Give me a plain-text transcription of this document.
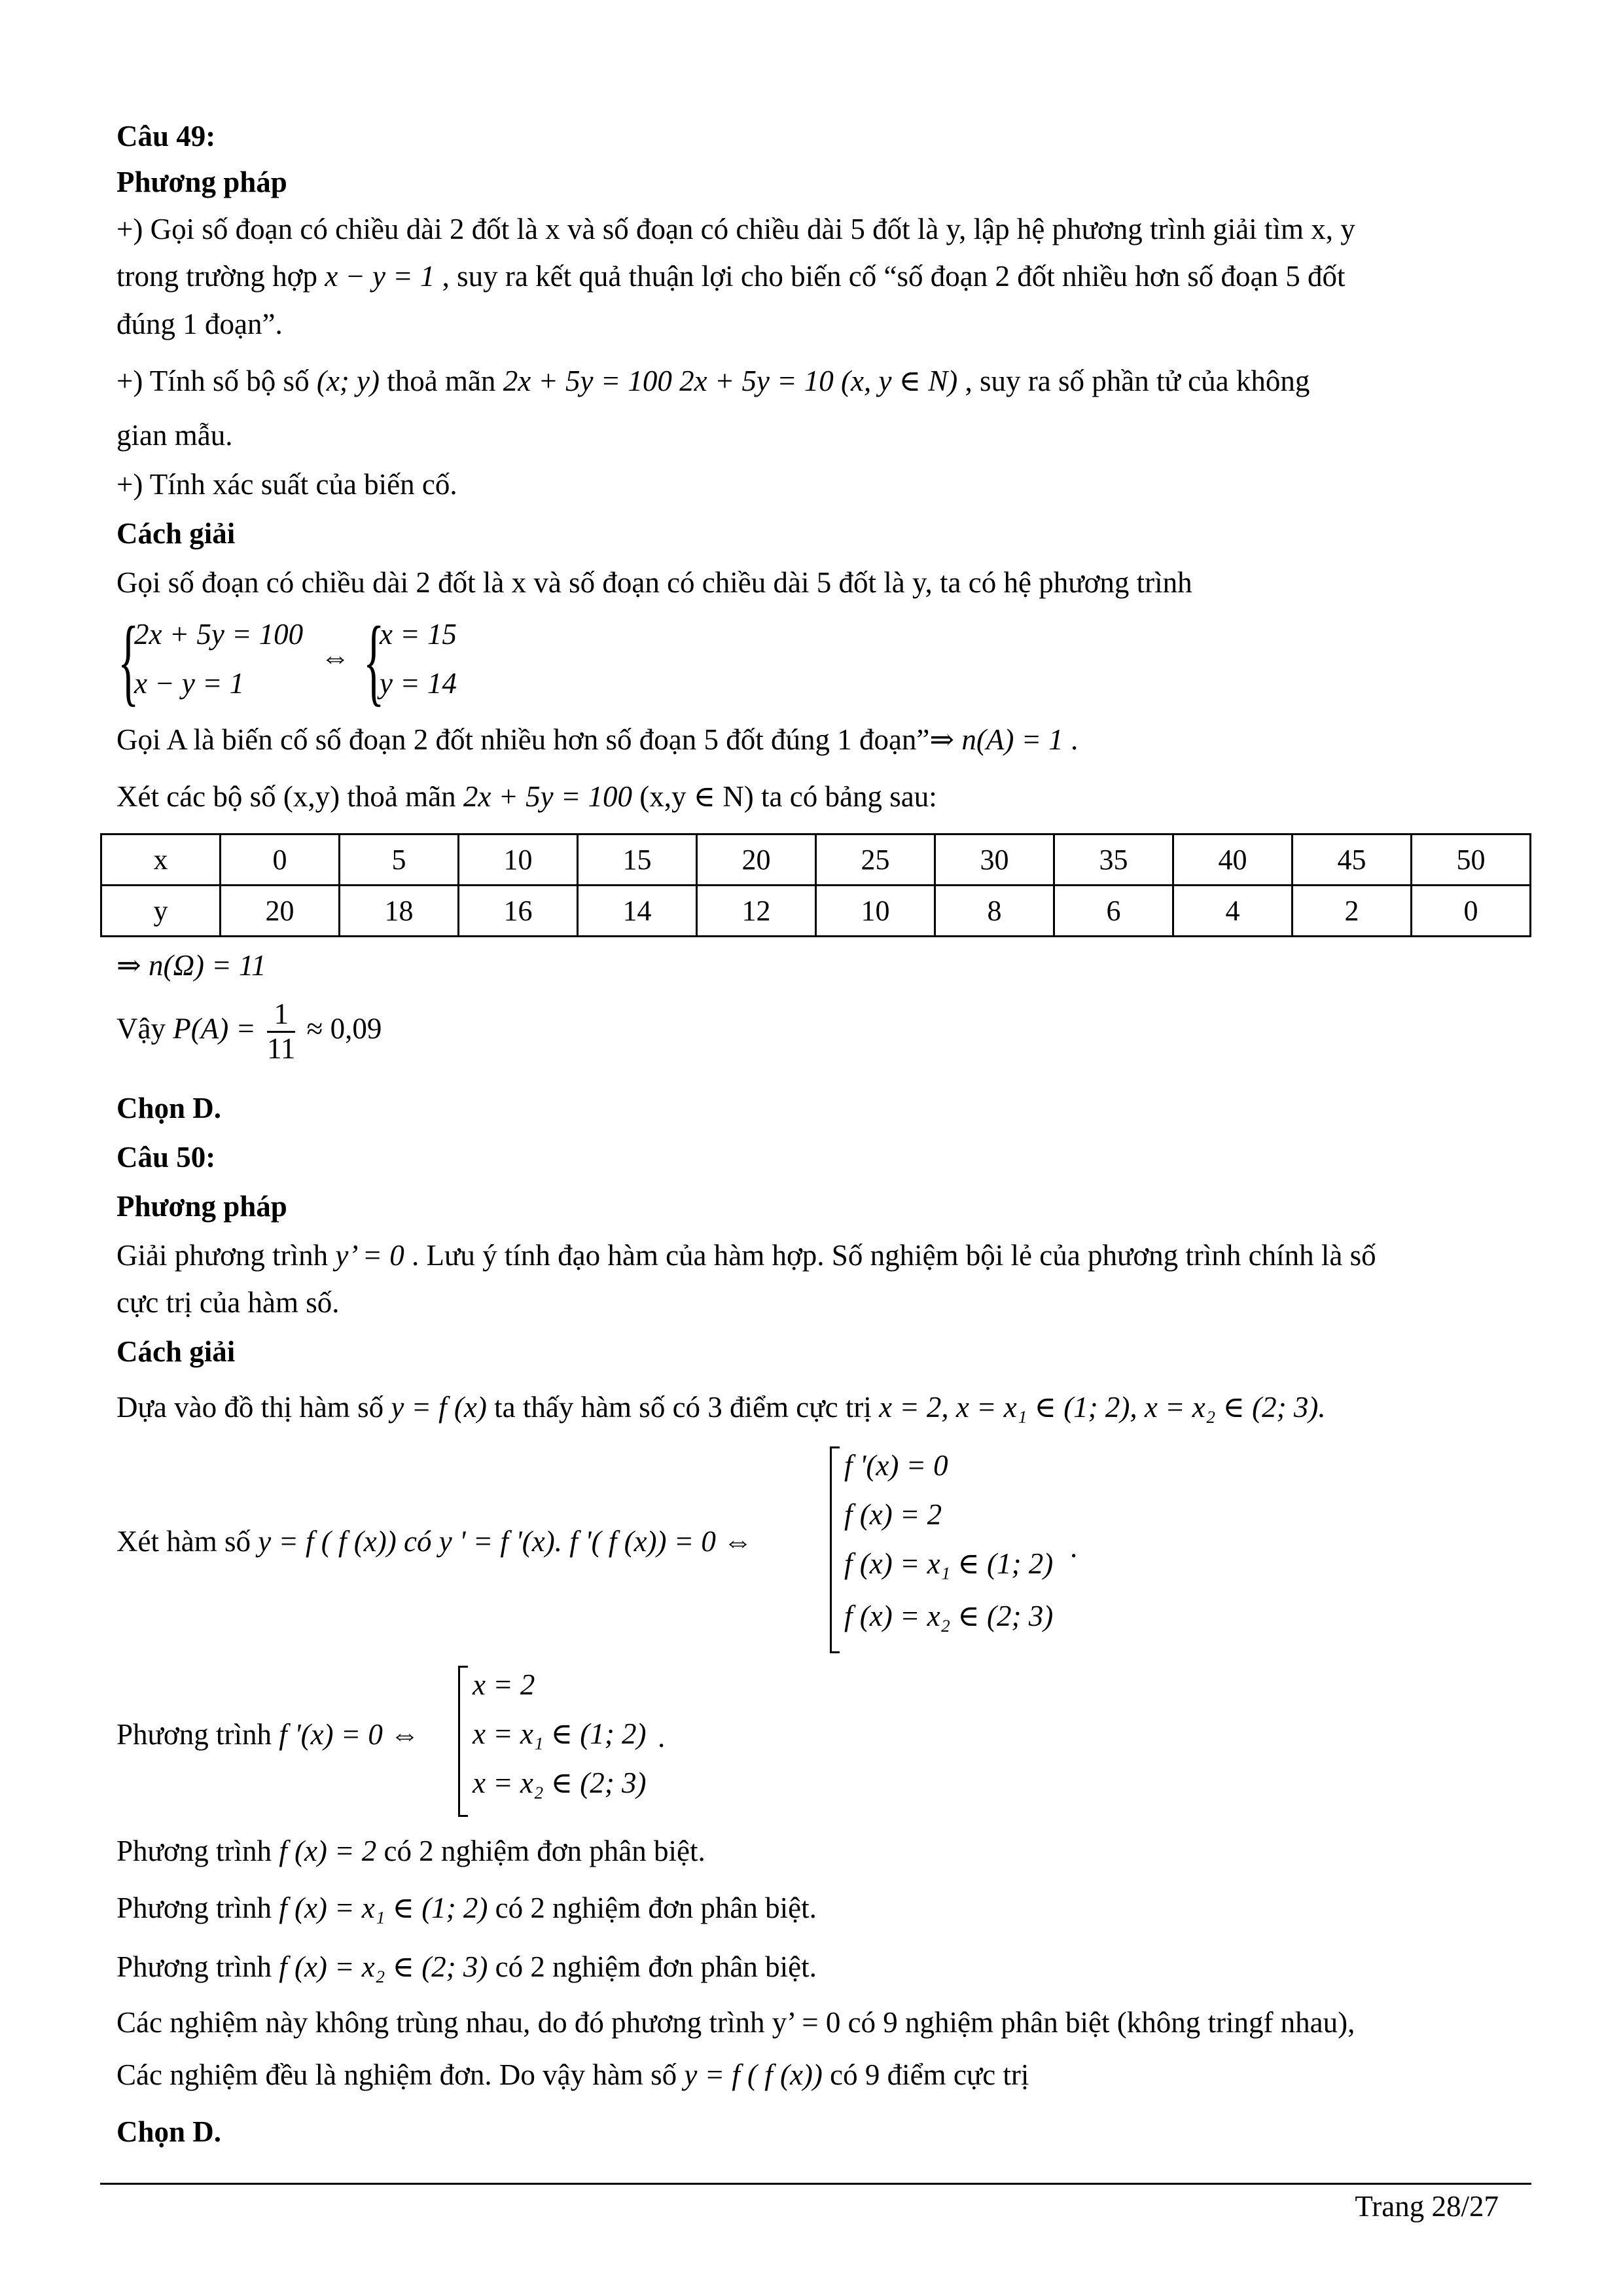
Câu 49:
Phương pháp
+) Gọi số đoạn có chiều dài 2 đốt là x và số đoạn có chiều dài 5 đốt là y, lập hệ phương trình giải tìm x, y
trong trường hợp x − y = 1 , suy ra kết quả thuận lợi cho biến cố “số đoạn 2 đốt nhiều hơn số đoạn 5 đốt
đúng 1 đoạn”.
+) Tính số bộ số (x; y) thoả mãn 2x + 5y = 100 2x + 5y = 10 (x, y ∈ N) , suy ra số phần tử của không
gian mẫu.
+) Tính xác suất của biến cố.
Cách giải
Gọi số đoạn có chiều dài 2 đốt là x và số đoạn có chiều dài 5 đốt là y, ta có hệ phương trình
{
2x + 5y = 100
x − y = 1
⇔ {
x = 15
y = 14
Gọi A là biến cố số đoạn 2 đốt nhiều hơn số đoạn 5 đốt đúng 1 đoạn”⇒ n(A) = 1 .
Xét các bộ số (x,y) thoả mãn 2x + 5y = 100 (x,y ∈ N) ta có bảng sau:
x	0	5	10	15	20	25	30	35	40	45	50
y	20	18	16	14	12	10	8	6	4	2	0
⇒ n(Ω) = 11
Vậy $P(A) = \frac{1}{11} \approx 0,09$
Chọn D.
Câu 50:
Phương pháp
Giải phương trình y’ = 0 . Lưu ý tính đạo hàm của hàm hợp. Số nghiệm bội lẻ của phương trình chính là số
cực trị của hàm số.
Cách giải
Dựa vào đồ thị hàm số y = f (x) ta thấy hàm số có 3 điểm cực trị x = 2, x = x₁ ∈ (1; 2), x = x₂ ∈ (2; 3).
Xét hàm số y = f ( f (x)) có y ' = f '(x). f '( f (x)) = 0 ⇔
f '(x) = 0
f (x) = 2
f (x) = x₁ ∈ (1; 2)
f (x) = x₂ ∈ (2; 3)
.
Phương trình f '(x) = 0 ⇔
x = 2
x = x₁ ∈ (1; 2)
x = x₂ ∈ (2; 3)
.
Phương trình f (x) = 2 có 2 nghiệm đơn phân biệt.
Phương trình f (x) = x₁ ∈ (1; 2) có 2 nghiệm đơn phân biệt.
Phương trình f (x) = x₂ ∈ (2; 3) có 2 nghiệm đơn phân biệt.
Các nghiệm này không trùng nhau, do đó phương trình y’ = 0 có 9 nghiệm phân biệt (không tringf nhau),
Các nghiệm đều là nghiệm đơn. Do vậy hàm số y = f ( f (x)) có 9 điểm cực trị
Chọn D.
Trang 28/27
